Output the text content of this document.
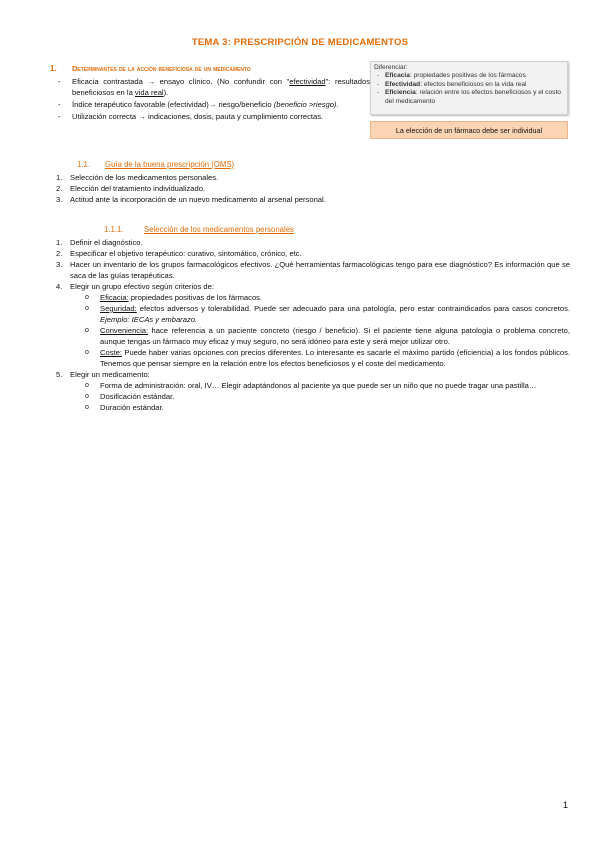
TEMA 3: PRESCRIPCIÓN DE MEDICAMENTOS
1. Determinantes de la acción beneficiosa de un medicamento
- Eficacia contrastada → ensayo clínico. (No confundir con "efectividad": resultados beneficiosos en la vida real).
- Índice terapéutico favorable (efectividad)→ riesgo/beneficio (beneficio >riesgo).
- Utilización correcta → indicaciones, dosis, pauta y cumplimiento correctas.
Diferenciar:
- Eficacia: propiedades positivas de los fármacos
- Efectividad: efectos beneficiosos en la vida real
- Eficiencia: relación entre los efectos beneficiosos y el costo del medicamento
La elección de un fármaco debe ser individual
1.1. Guía de la buena prescripción (OMS)
1. Selección de los medicamentos personales.
2. Elección del tratamiento individualizado.
3. Actitud ante la incorporación de un nuevo medicamento al arsenal personal.
1.1.1.	Selección de los medicamentos personales
1. Definir el diagnóstico.
2. Especificar el objetivo terapéutico: curativo, sintomático, crónico, etc.
3. Hacer un inventario de los grupos farmacológicos efectivos. ¿Qué herramientas farmacológicas tengo para ese diagnóstico? Es información que se saca de las guías terapéuticas.
4. Elegir un grupo efectivo según criterios de:
o Eficacia: propiedades positivas de los fármacos.
o Seguridad: efectos adversos y tolerabilidad. Puede ser adecuado para una patología, pero estar contraindicados para casos concretos. Ejemplo: IECAs y embarazo.
o Conveniencia: hace referencia a un paciente concreto (riesgo / beneficio). Si el paciente tiene alguna patología o problema concreto, aunque tengas un fármaco muy eficaz y muy seguro, no será idóneo para este y será mejor utilizar otro.
o Coste: Puede haber varias opciones con precios diferentes. Lo interesante es sacarle el máximo partido (eficiencia) a los fondos públicos. Tenemos que pensar siempre en la relación entre los efectos beneficiosos y el coste del medicamento.
5. Elegir un medicamento:
o Forma de administración: oral, IV… Elegir adaptándonos al paciente ya que puede ser un niño que no puede tragar una pastilla…
o Dosificación estándar.
o Duración estándar.
1
